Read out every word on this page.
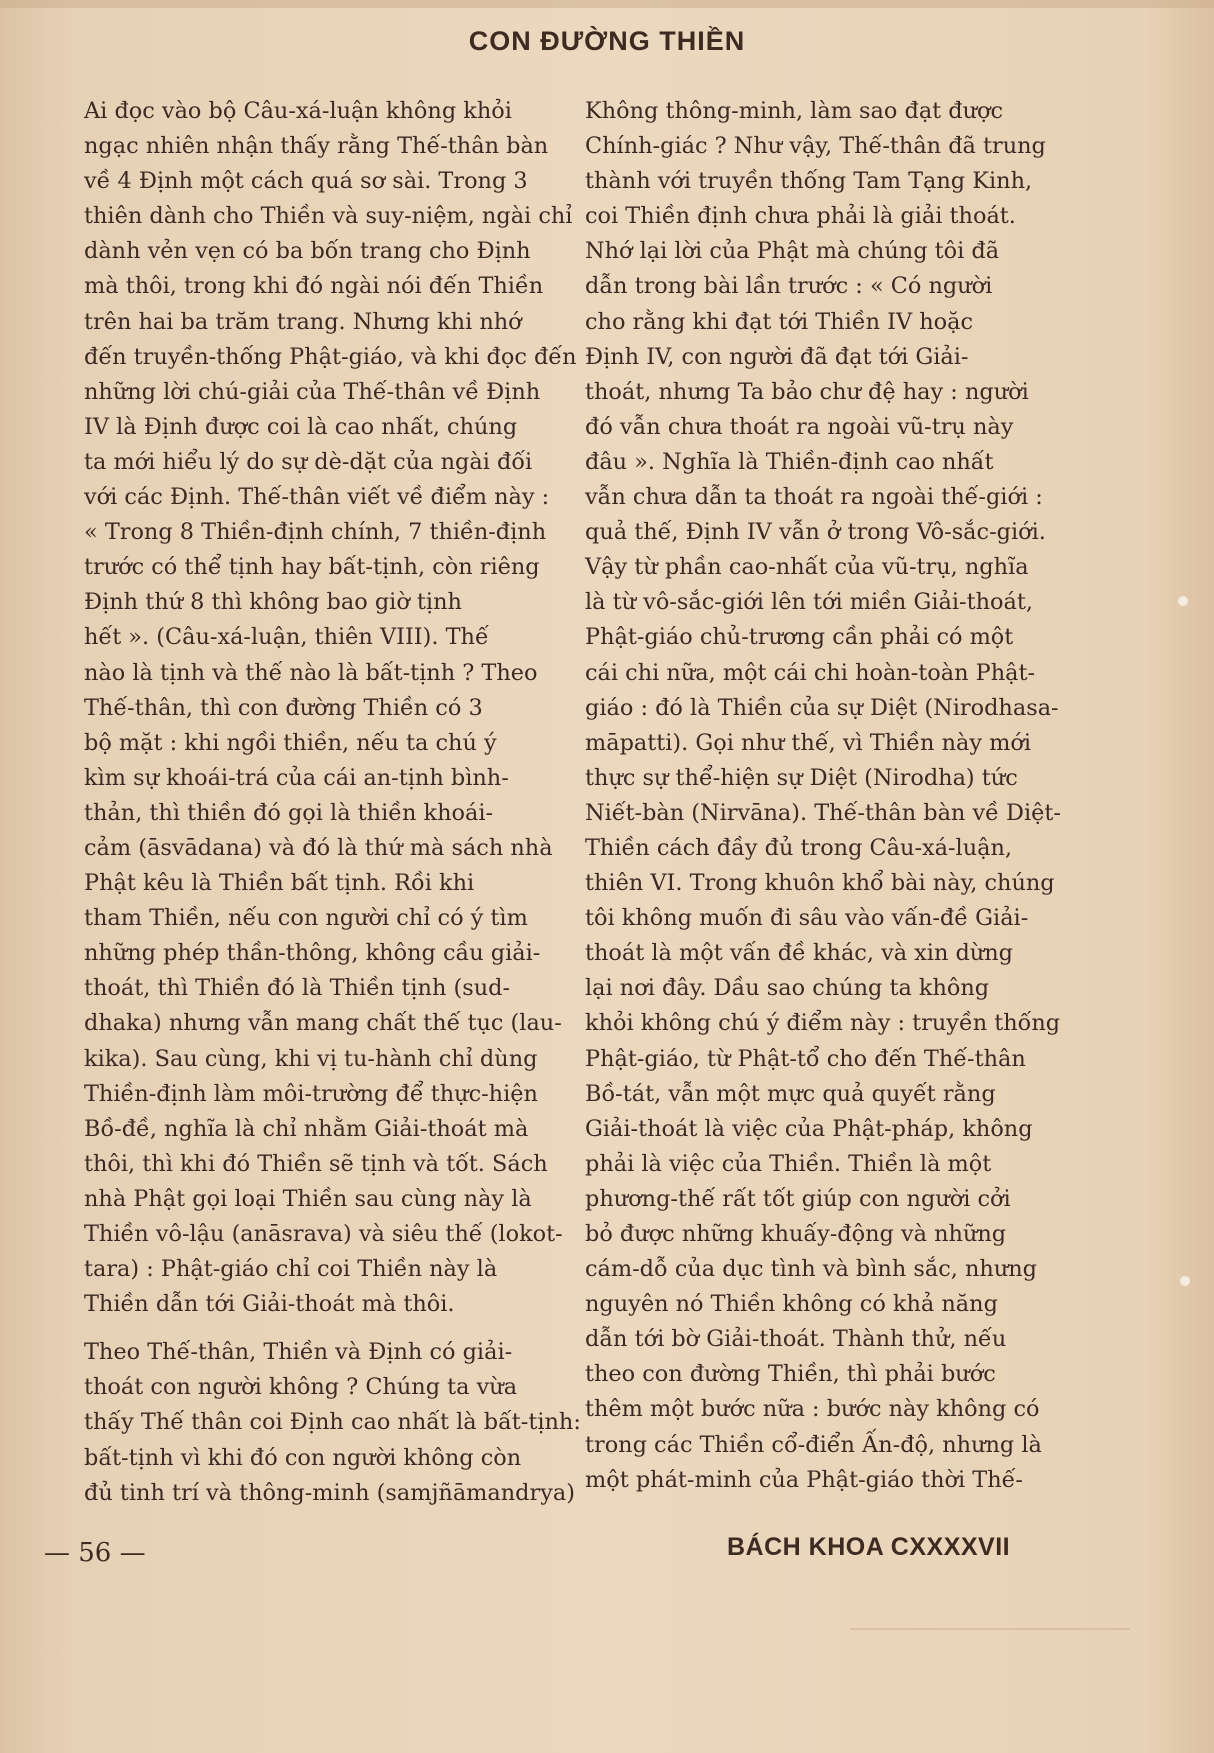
CON ĐƯỜNG THIỀN

Ai đọc vào bộ Câu-xá-luận không khỏi
ngạc nhiên nhận thấy rằng Thế-thân bàn
về 4 Định một cách quá sơ sài. Trong 3
thiên dành cho Thiền và suy-niệm, ngài chỉ
dành vẻn vẹn có ba bốn trang cho Định
mà thôi, trong khi đó ngài nói đến Thiền
trên hai ba trăm trang. Nhưng khi nhớ
đến truyền-thống Phật-giáo, và khi đọc đến
những lời chú-giải của Thế-thân về Định
IV là Định được coi là cao nhất, chúng
ta mới hiểu lý do sự dè-dặt của ngài đối
với các Định. Thế-thân viết về điểm này :
« Trong 8 Thiền-định chính, 7 thiền-định
trước có thể tịnh hay bất-tịnh, còn riêng
Định thứ 8 thì không bao giờ tịnh
hết ». (Câu-xá-luận, thiên VIII). Thế
nào là tịnh và thế nào là bất-tịnh ? Theo
Thế-thân, thì con đường Thiền có 3
bộ mặt : khi ngồi thiền, nếu ta chú ý
kìm sự khoái-trá của cái an-tịnh bình-
thản, thì thiền đó gọi là thiền khoái-
cảm (āsvādana) và đó là thứ mà sách nhà
Phật kêu là Thiền bất tịnh. Rồi khi
tham Thiền, nếu con người chỉ có ý tìm
những phép thần-thông, không cầu giải-
thoát, thì Thiền đó là Thiền tịnh (sud-
dhaka) nhưng vẫn mang chất thế tục (lau-
kika). Sau cùng, khi vị tu-hành chỉ dùng
Thiền-định làm môi-trường để thực-hiện
Bồ-đề, nghĩa là chỉ nhằm Giải-thoát mà
thôi, thì khi đó Thiền sẽ tịnh và tốt. Sách
nhà Phật gọi loại Thiền sau cùng này là
Thiền vô-lậu (anāsrava) và siêu thế (lokot-
tara) : Phật-giáo chỉ coi Thiền này là
Thiền dẫn tới Giải-thoát mà thôi.

Theo Thế-thân, Thiền và Định có giải-
thoát con người không ? Chúng ta vừa
thấy Thế thân coi Định cao nhất là bất-tịnh:
bất-tịnh vì khi đó con người không còn
đủ tinh trí và thông-minh (samjñāmandrya)

Không thông-minh, làm sao đạt được
Chính-giác ? Như vậy, Thế-thân đã trung
thành với truyền thống Tam Tạng Kinh,
coi Thiền định chưa phải là giải thoát.
Nhớ lại lời của Phật mà chúng tôi đã
dẫn trong bài lần trước : « Có người
cho rằng khi đạt tới Thiền IV hoặc
Định IV, con người đã đạt tới Giải-
thoát, nhưng Ta bảo chư đệ hay : người
đó vẫn chưa thoát ra ngoài vũ-trụ này
đâu ». Nghĩa là Thiền-định cao nhất
vẫn chưa dẫn ta thoát ra ngoài thế-giới :
quả thế, Định IV vẫn ở trong Vô-sắc-giới.
Vậy từ phần cao-nhất của vũ-trụ, nghĩa
là từ vô-sắc-giới lên tới miền Giải-thoát,
Phật-giáo chủ-trương cần phải có một
cái chi nữa, một cái chi hoàn-toàn Phật-
giáo : đó là Thiền của sự Diệt (Nirodhasa-
māpatti). Gọi như thế, vì Thiền này mới
thực sự thể-hiện sự Diệt (Nirodha) tức
Niết-bàn (Nirvāna). Thế-thân bàn về Diệt-
Thiền cách đầy đủ trong Câu-xá-luận,
thiên VI. Trong khuôn khổ bài này, chúng
tôi không muốn đi sâu vào vấn-đề Giải-
thoát là một vấn đề khác, và xin dừng
lại nơi đây. Dầu sao chúng ta không
khỏi không chú ý điểm này : truyền thống
Phật-giáo, từ Phật-tổ cho đến Thế-thân
Bồ-tát, vẫn một mực quả quyết rằng
Giải-thoát là việc của Phật-pháp, không
phải là việc của Thiền. Thiền là một
phương-thế rất tốt giúp con người cởi
bỏ được những khuấy-động và những
cám-dỗ của dục tình và bình sắc, nhưng
nguyên nó Thiền không có khả năng
dẫn tới bờ Giải-thoát. Thành thử, nếu
theo con đường Thiền, thì phải bước
thêm một bước nữa : bước này không có
trong các Thiền cổ-điển Ấn-độ, nhưng là
một phát-minh của Phật-giáo thời Thế-

— 56 —	BÁCH KHOA CXXXXVII
